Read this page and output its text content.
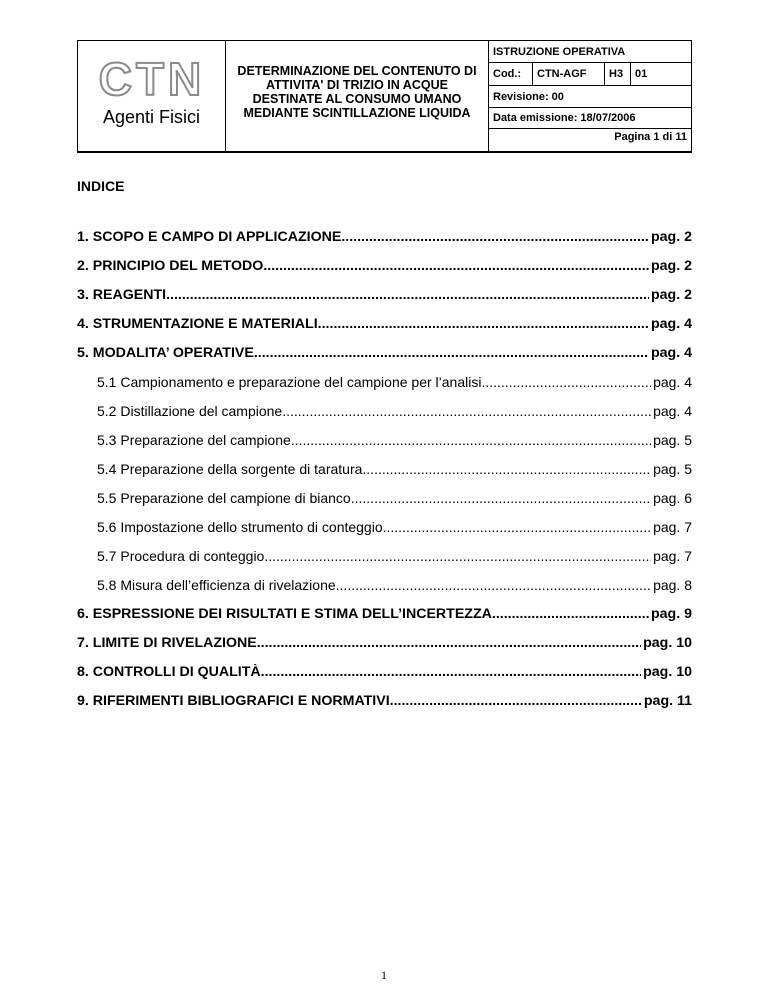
CTN
Agenti Fisici
DETERMINAZIONE DEL CONTENUTO DI ATTIVITA' DI TRIZIO IN ACQUE DESTINATE AL CONSUMO UMANO MEDIANTE SCINTILLAZIONE LIQUIDA
ISTRUZIONE OPERATIVA
Cod.:	CTN-AGF	H3	01
Revisione: 00
Data emissione: 18/07/2006
Pagina 1 di 11
INDICE
1. SCOPO E CAMPO DI APPLICAZIONE .....	pag. 2
2. PRINCIPIO DEL METODO .....	pag. 2
3. REAGENTI .....	pag. 2
4. STRUMENTAZIONE E MATERIALI .....	pag. 4
5. MODALITA’ OPERATIVE .....	pag. 4
5.1 Campionamento e preparazione del campione per l’analisi .....	pag. 4
5.2 Distillazione del campione .....	pag. 4
5.3 Preparazione del campione .....	pag. 5
5.4 Preparazione della sorgente di taratura .....	pag. 5
5.5 Preparazione del campione di bianco .....	pag. 6
5.6 Impostazione dello strumento di conteggio .....	pag. 7
5.7 Procedura di conteggio .....	pag. 7
5.8 Misura dell’efficienza di rivelazione .....	pag. 8
6. ESPRESSIONE DEI RISULTATI E STIMA DELL’INCERTEZZA .....	pag. 9
7. LIMITE DI RIVELAZIONE .....	pag. 10
8. CONTROLLI DI QUALITÀ .....	pag. 10
9. RIFERIMENTI BIBLIOGRAFICI E NORMATIVI .....	pag. 11
1
